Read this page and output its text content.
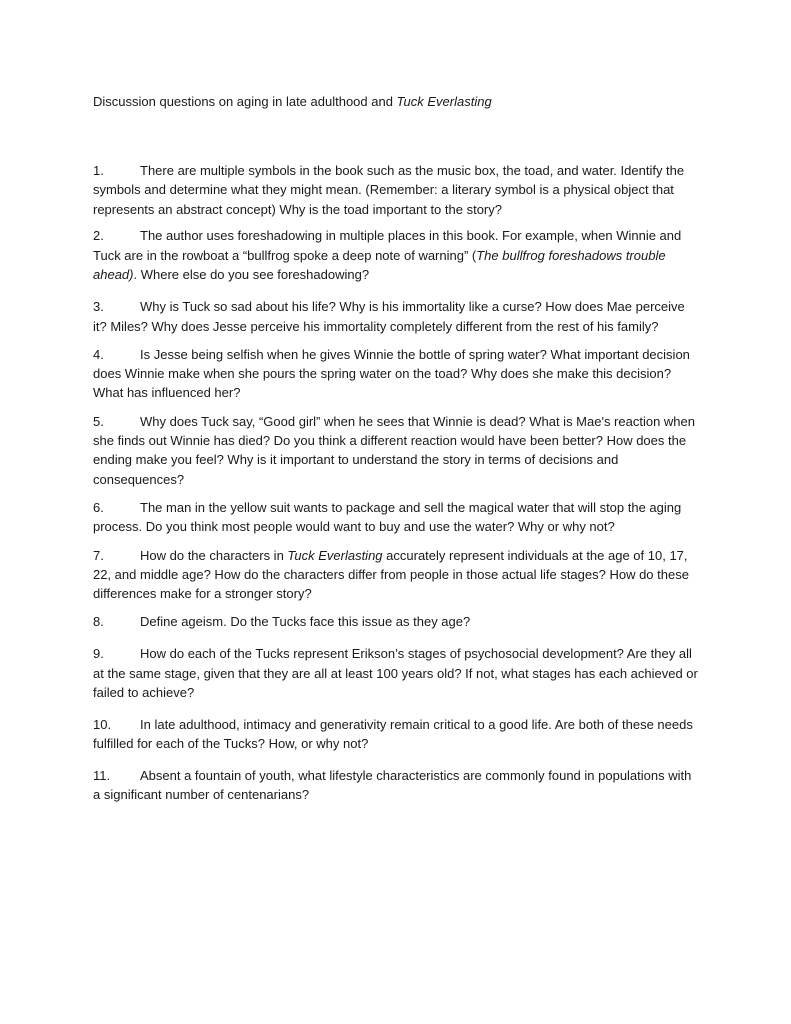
Discussion questions on aging in late adulthood and Tuck Everlasting

1.	There are multiple symbols in the book such as the music box, the toad, and water. Identify the symbols and determine what they might mean. (Remember: a literary symbol is a physical object that represents an abstract concept) Why is the toad important to the story?

2.	The author uses foreshadowing in multiple places in this book. For example, when Winnie and Tuck are in the rowboat a “bullfrog spoke a deep note of warning” (The bullfrog foreshadows trouble ahead). Where else do you see foreshadowing?

3.	Why is Tuck so sad about his life? Why is his immortality like a curse? How does Mae perceive it? Miles? Why does Jesse perceive his immortality completely different from the rest of his family?

4.	Is Jesse being selfish when he gives Winnie the bottle of spring water? What important decision does Winnie make when she pours the spring water on the toad? Why does she make this decision? What has influenced her?

5.	Why does Tuck say, “Good girl” when he sees that Winnie is dead? What is Mae's reaction when she finds out Winnie has died? Do you think a different reaction would have been better? How does the ending make you feel? Why is it important to understand the story in terms of decisions and consequences?

6.	The man in the yellow suit wants to package and sell the magical water that will stop the aging process. Do you think most people would want to buy and use the water? Why or why not?

7.	How do the characters in Tuck Everlasting accurately represent individuals at the age of 10, 17, 22, and middle age? How do the characters differ from people in those actual life stages? How do these differences make for a stronger story?

8.	Define ageism. Do the Tucks face this issue as they age?

9.	How do each of the Tucks represent Erikson’s stages of psychosocial development? Are they all at the same stage, given that they are all at least 100 years old? If not, what stages has each achieved or failed to achieve?

10. In late adulthood, intimacy and generativity remain critical to a good life. Are both of these needs fulfilled for each of the Tucks? How, or why not?

11. Absent a fountain of youth, what lifestyle characteristics are commonly found in populations with a significant number of centenarians?
